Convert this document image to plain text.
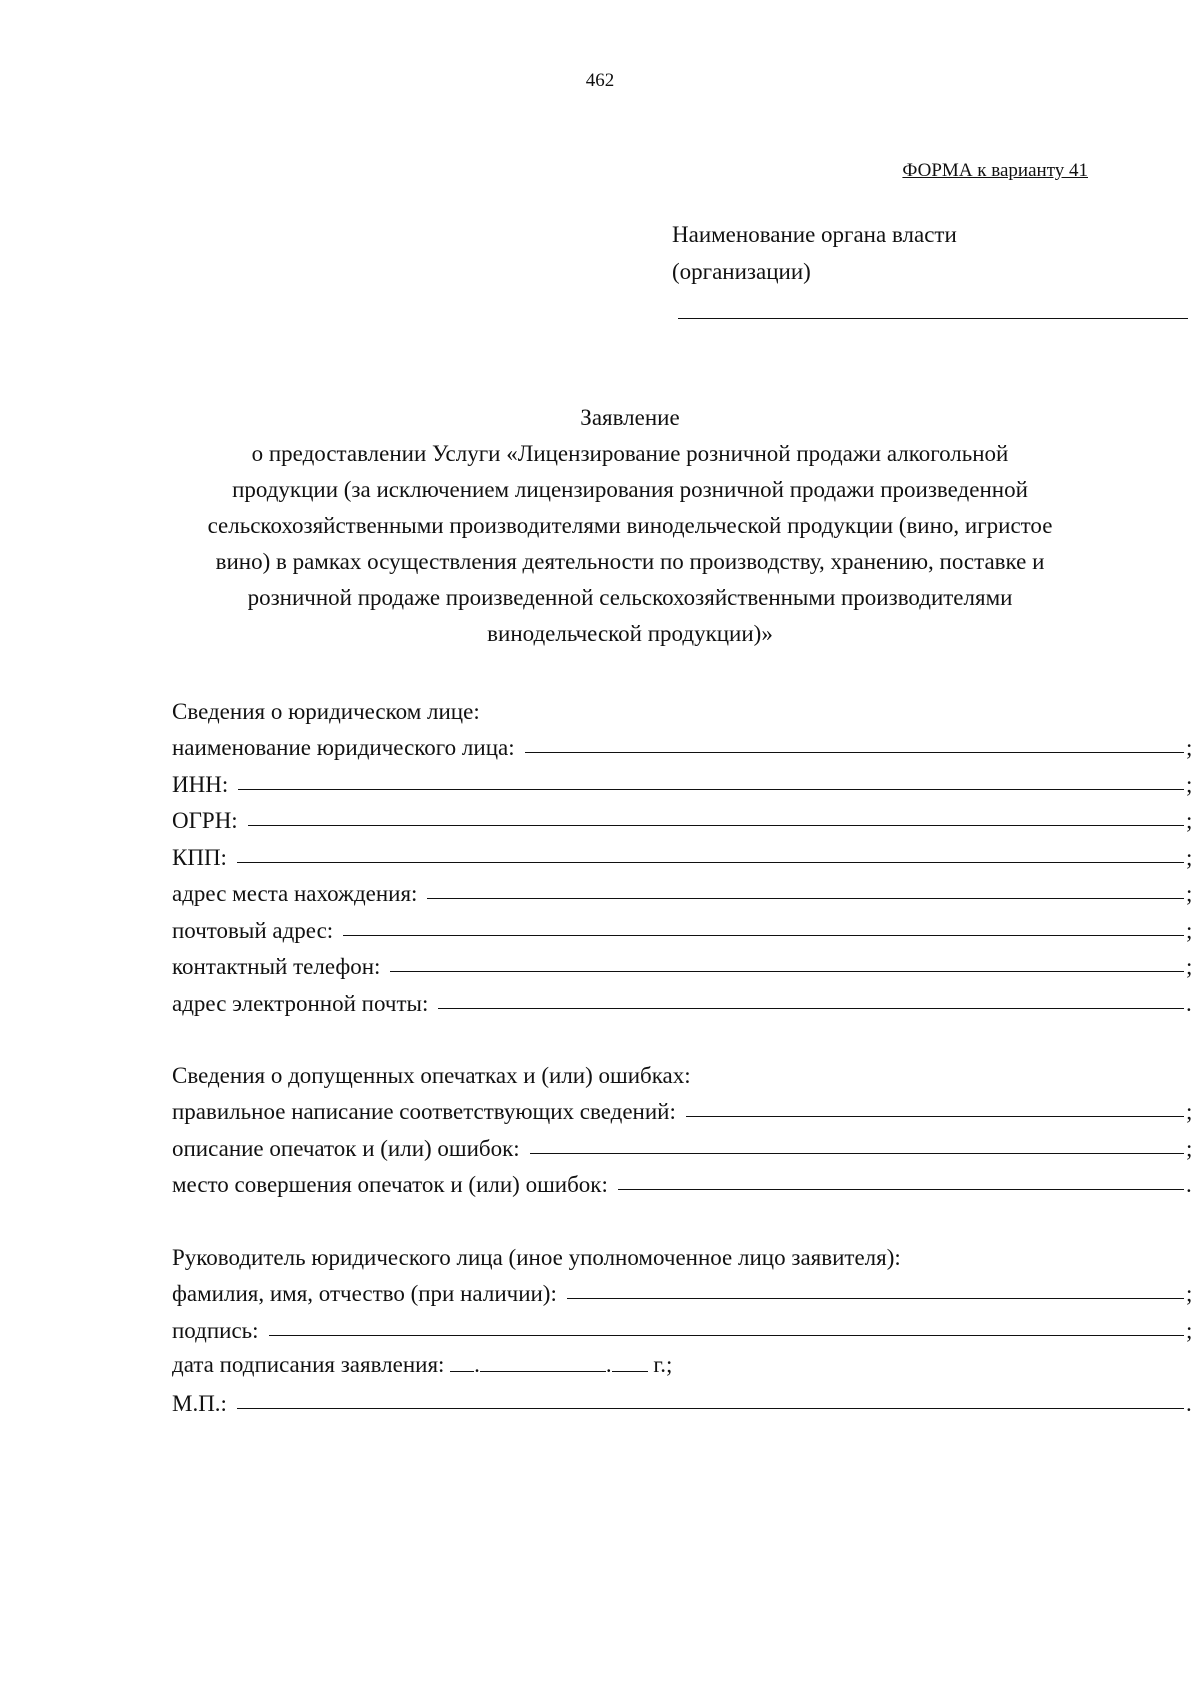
462
ФОРМА к варианту 41
Наименование органа власти
(организации)

Заявление

о предоставлении Услуги «Лицензирование розничной продажи алкогольной

продукции (за исключением лицензирования розничной продажи произведенной

сельскохозяйственными производителями винодельческой продукции (вино, игристое

вино) в рамках осуществления деятельности по производству, хранению, поставке и

розничной продаже произведенной сельскохозяйственными производителями

винодельческой продукции)»

Сведения о юридическом лице:
наименование юридического лица:	;
ИНН:	;
ОГРН:	;
КПП:	;
адрес места нахождения:	;
почтовый адрес:	;
контактный телефон:	;
адрес электронной почты:	.
Сведения о допущенных опечатках и (или) ошибках:
правильное написание соответствующих сведений:	;
описание опечаток и (или) ошибок:	;
место совершения опечаток и (или) ошибок:	.
Руководитель юридического лица (иное уполномоченное лицо заявителя):
фамилия, имя, отчество (при наличии):	;
подпись:	;
дата подписания заявления: .	. г.;
М.П.:	.
